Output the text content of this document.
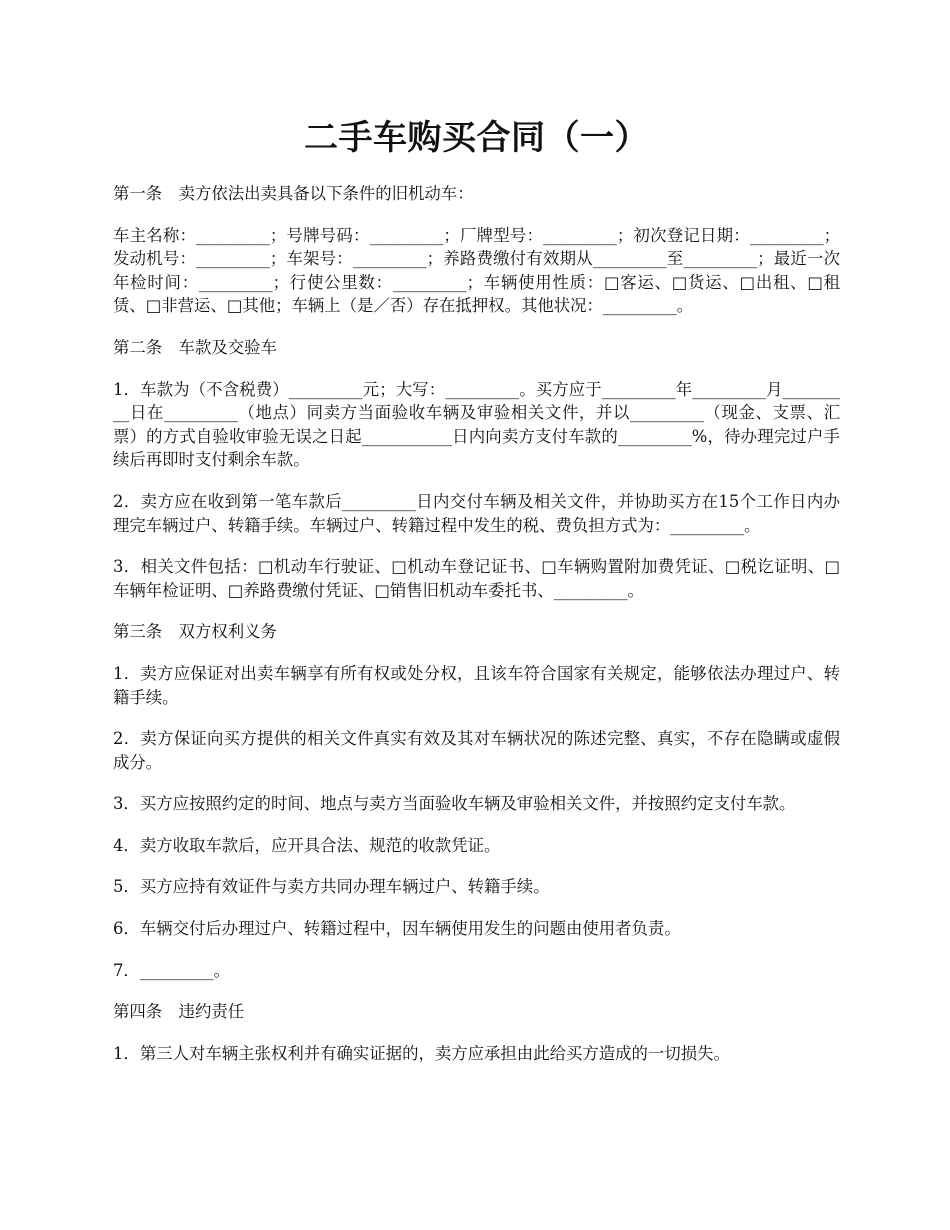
二手车购买合同（一）

第一条　卖方依法出卖具备以下条件的旧机动车：

车主名称：_________；号牌号码：_________；厂牌型号：_________；初次登记日期：_________；发动机号：_________；车架号：_________；养路费缴付有效期从_________至_________；最近一次年检时间：_________；行使公里数：_________；车辆使用性质：□客运、□货运、□出租、□租赁、□非营运、□其他；车辆上（是／否）存在抵押权。其他状况：_________。

第二条　车款及交验车

1．车款为（不含税费）_________元；大写：_________。买方应于_________年_________月_________日在_________（地点）同卖方当面验收车辆及审验相关文件，并以_________（现金、支票、汇票）的方式自验收审验无误之日起___________日内向卖方支付车款的_________%，待办理完过户手续后再即时支付剩余车款。

2．卖方应在收到第一笔车款后_________日内交付车辆及相关文件，并协助买方在15个工作日内办理完车辆过户、转籍手续。车辆过户、转籍过程中发生的税、费负担方式为：_________。

3．相关文件包括：□机动车行驶证、□机动车登记证书、□车辆购置附加费凭证、□税讫证明、□车辆年检证明、□养路费缴付凭证、□销售旧机动车委托书、_________。

第三条　双方权利义务

1．卖方应保证对出卖车辆享有所有权或处分权，且该车符合国家有关规定，能够依法办理过户、转籍手续。

2．卖方保证向买方提供的相关文件真实有效及其对车辆状况的陈述完整、真实，不存在隐瞒或虚假成分。

3．买方应按照约定的时间、地点与卖方当面验收车辆及审验相关文件，并按照约定支付车款。

4．卖方收取车款后，应开具合法、规范的收款凭证。

5．买方应持有效证件与卖方共同办理车辆过户、转籍手续。

6．车辆交付后办理过户、转籍过程中，因车辆使用发生的问题由使用者负责。

7．_________。

第四条　违约责任

1．第三人对车辆主张权利并有确实证据的，卖方应承担由此给买方造成的一切损失。
